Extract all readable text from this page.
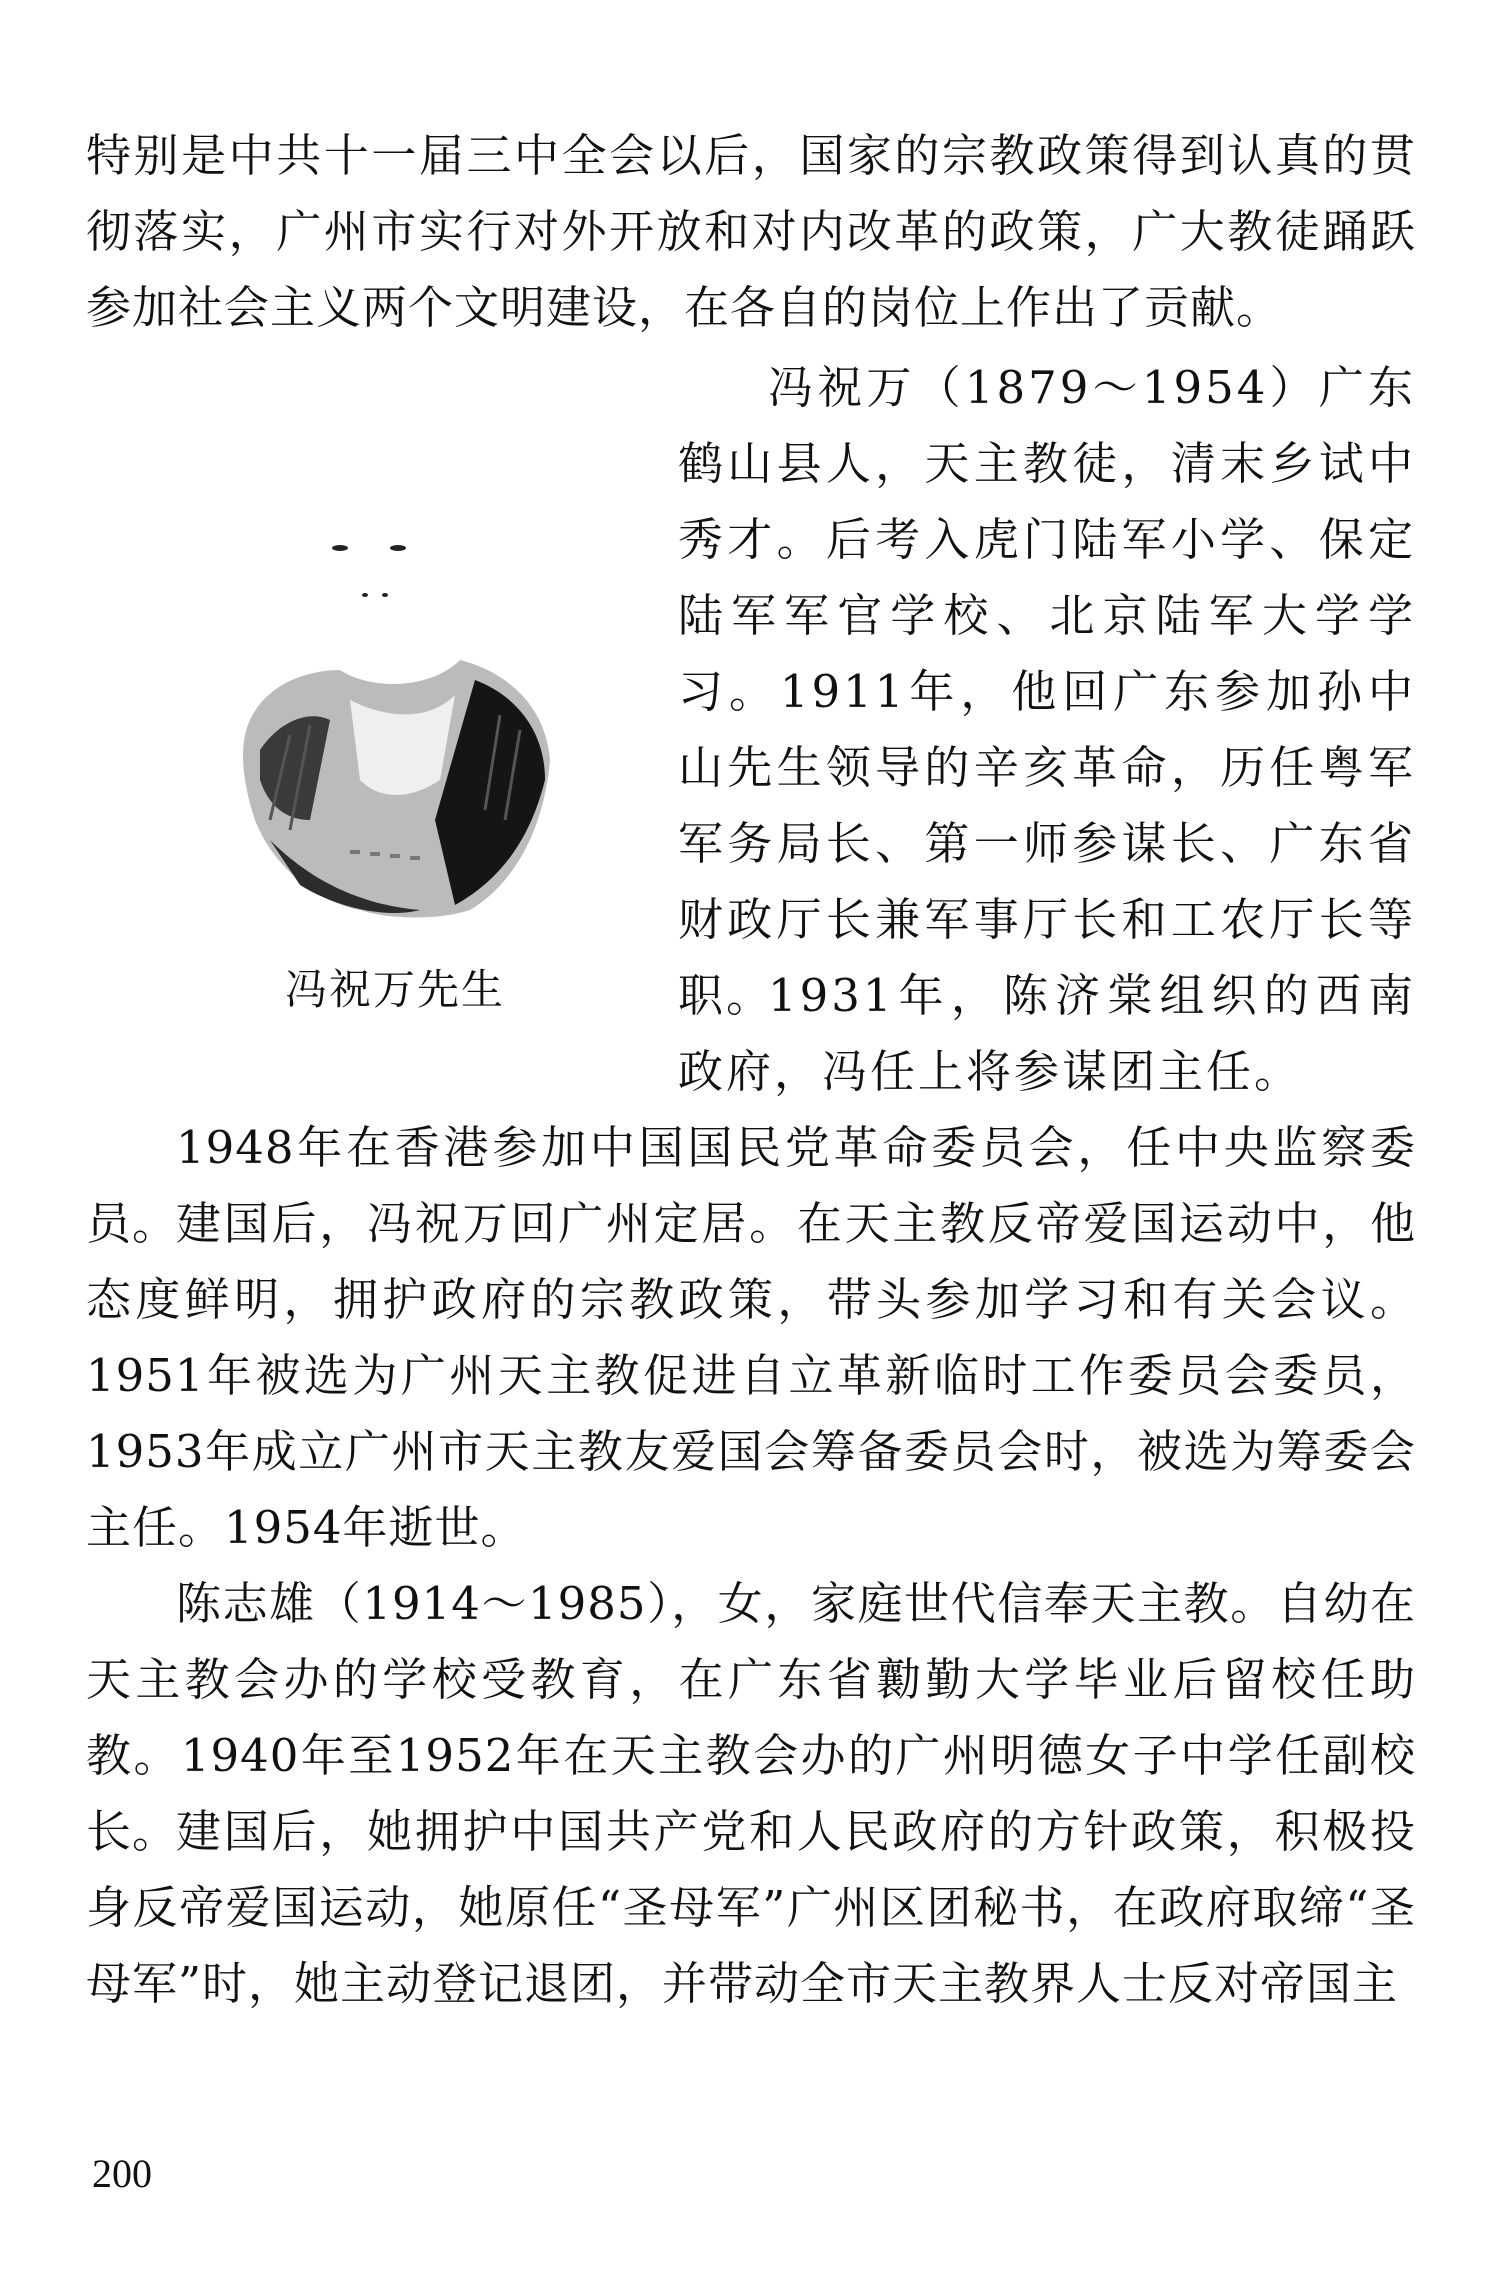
特别是中共十一届三中全会以后，国家的宗教政策得到认真的贯彻落实，广州市实行对外开放和对内改革的政策，广大教徒踊跃参加社会主义两个文明建设，在各自的岗位上作出了贡献。

冯祝万（1879～1954）广东鹤山县人，天主教徒，清末乡试中秀才。后考入虎门陆军小学、保定陆军军官学校、北京陆军大学学习。1911年，他回广东参加孙中山先生领导的辛亥革命，历任粤军军务局长、第一师参谋长、广东省财政厅长兼军事厅长和工农厅长等职。

冯祝万先生	1931年，陈济棠组织的西南政府，冯任上将参谋团主任。

1948年在香港参加中国国民党革命委员会，任中央监察委员。

建国后，冯祝万回广州定居。在天主教反帝爱国运动中，他态度鲜明，拥护政府的宗教政策，带头参加学习和有关会议。1951年被选为广州天主教促进自立革新临时工作委员会委员，1953年成立广州市天主教友爱国会筹备委员会时，被选为筹委会主任。1954年逝世。

陈志雄（1914～1985），女，家庭世代信奉天主教。自幼在天主教会办的学校受教育，在广东省勷勤大学毕业后留校任助教。1940年至1952年在天主教会办的广州明德女子中学任副校长。

建国后，她拥护中国共产党和人民政府的方针政策，积极投身反帝爱国运动，她原任“圣母军”广州区团秘书，在政府取缔“圣母军”时，她主动登记退团，并带动全市天主教界人士反对帝国主

200
